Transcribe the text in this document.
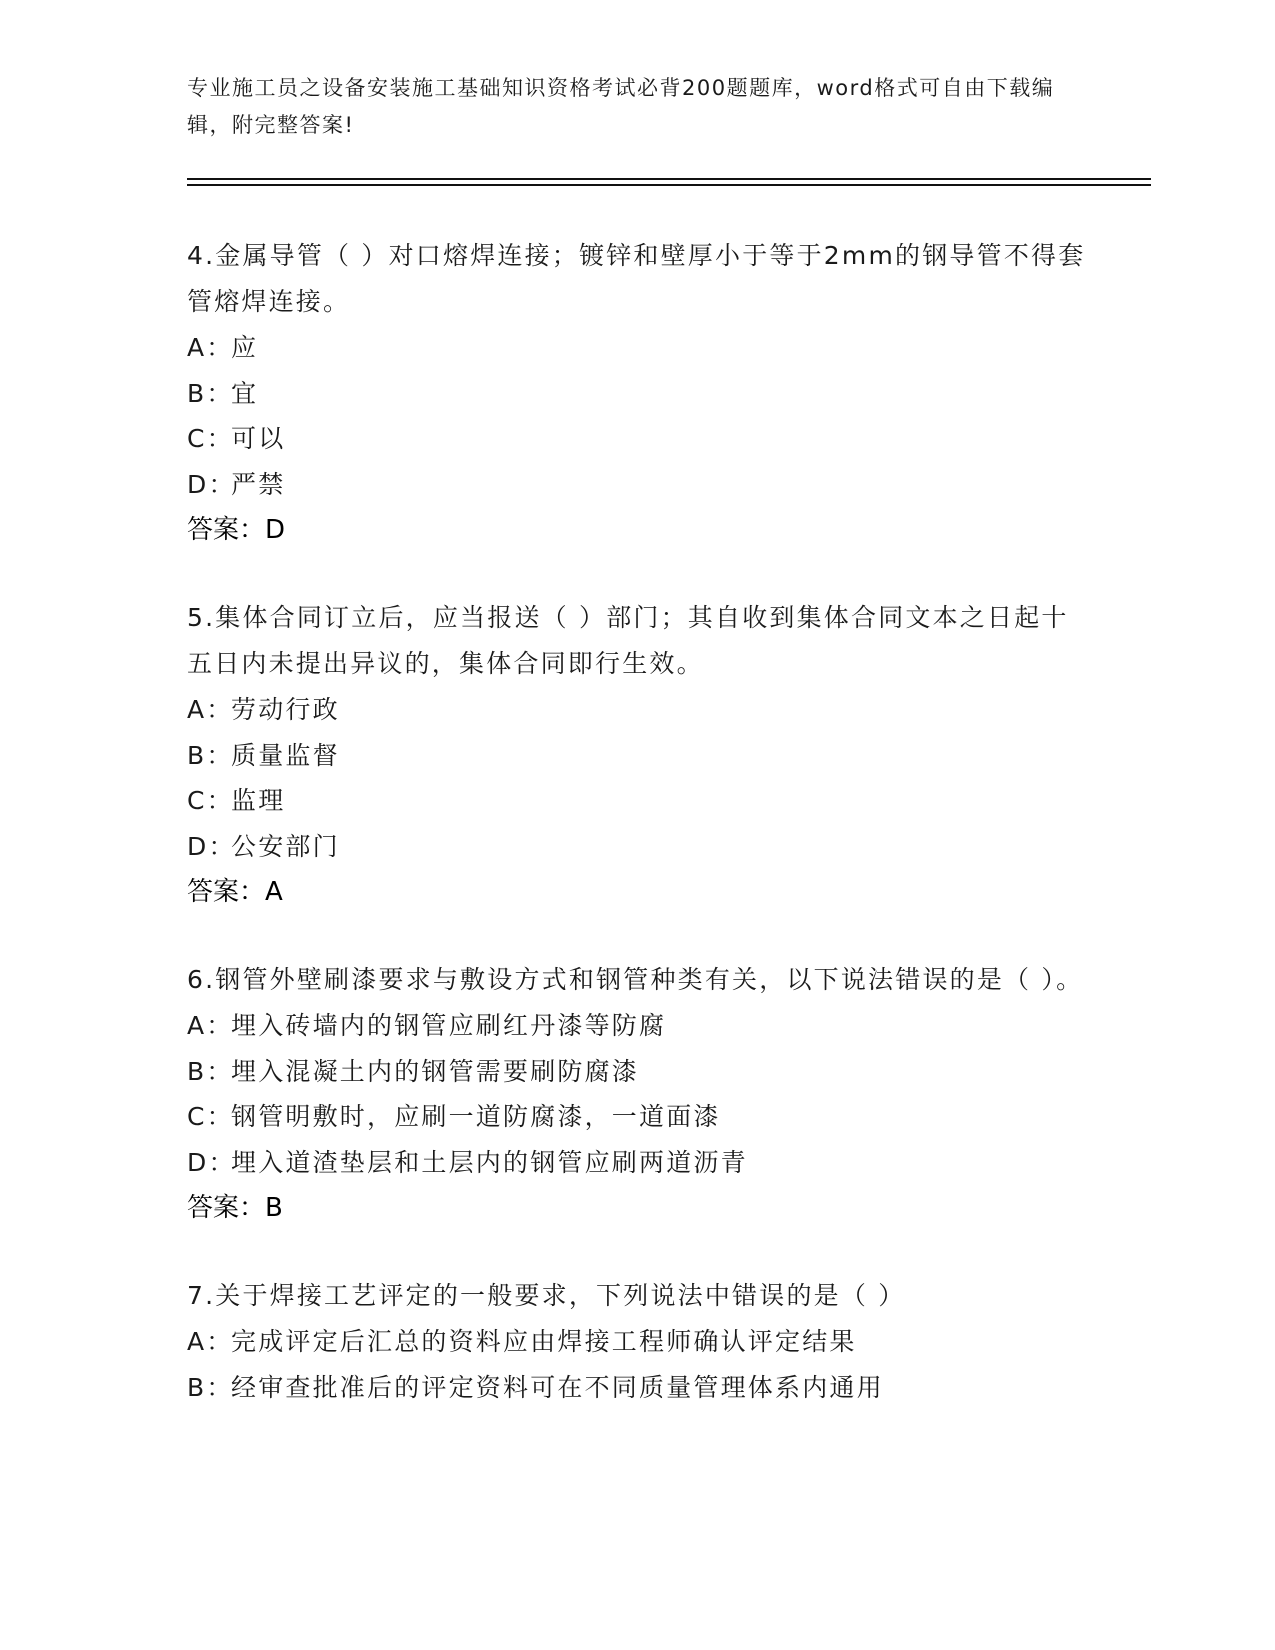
专业施工员之设备安装施工基础知识资格考试必背200题题库，word格式可自由下载编辑，附完整答案!

4.金属导管（ ）对口熔焊连接；镀锌和壁厚小于等于2mm的钢导管不得套管熔焊连接。

A：应

B：宜

C：可以

D：严禁

答案：D

5.集体合同订立后，应当报送（ ）部门；其自收到集体合同文本之日起十五日内未提出异议的，集体合同即行生效。

A：劳动行政

B：质量监督

C：监理

D：公安部门

答案：A

6.钢管外壁刷漆要求与敷设方式和钢管种类有关，以下说法错误的是（ ）。

A：埋入砖墙内的钢管应刷红丹漆等防腐

B：埋入混凝土内的钢管需要刷防腐漆

C：钢管明敷时，应刷一道防腐漆，一道面漆

D：埋入道渣垫层和土层内的钢管应刷两道沥青

答案：B

7.关于焊接工艺评定的一般要求，下列说法中错误的是（ ）

A：完成评定后汇总的资料应由焊接工程师确认评定结果

B：经审查批准后的评定资料可在不同质量管理体系内通用
